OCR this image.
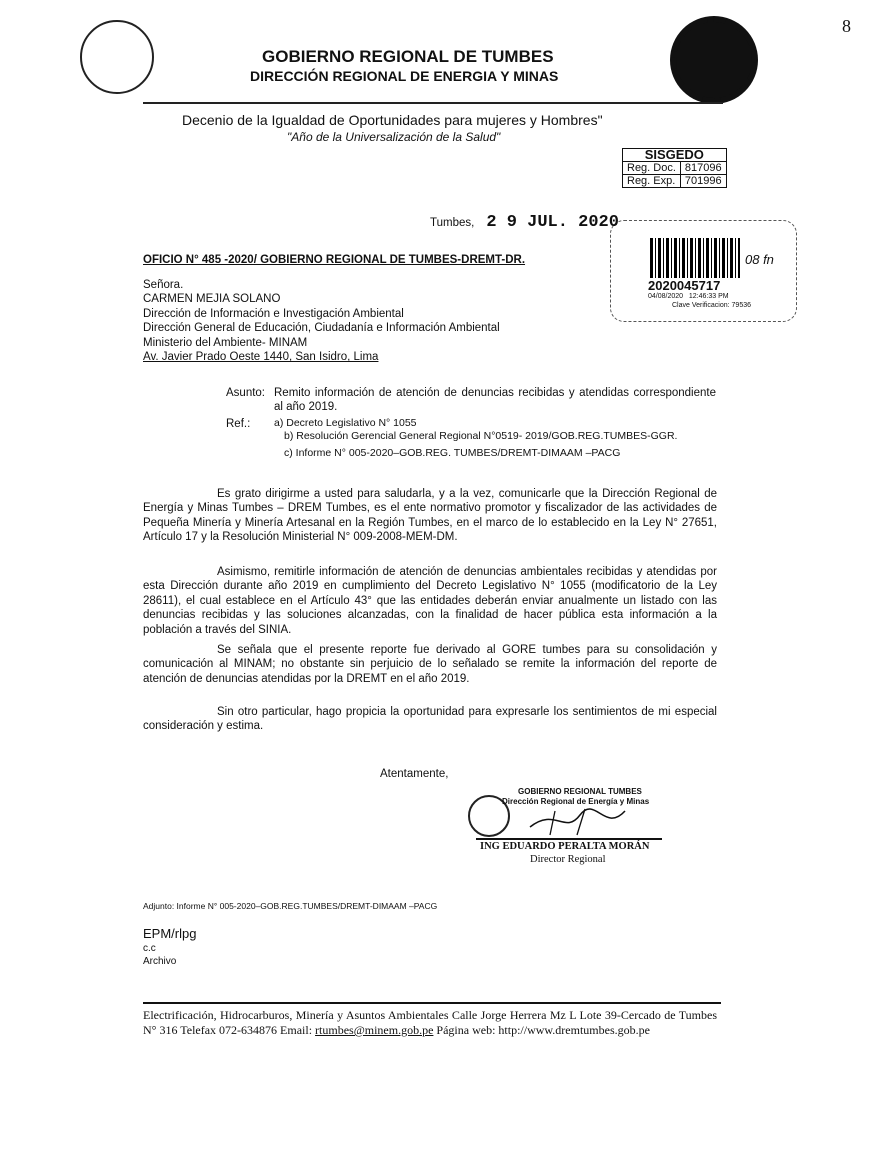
8
GOBIERNO REGIONAL DE TUMBES
DIRECCIÓN REGIONAL DE ENERGIA Y MINAS
Decenio de la Igualdad de Oportunidades para mujeres y Hombres"
"Año de la Universalización de la Salud"
SISGEDO	
Reg. Doc.	817096
Reg. Exp.	701996
08 fn
2020045717
04/08/2020 12:46:33 PM
Clave Verificacion: 79536
Tumbes, 2 9 JUL. 2020
OFICIO N° 485 -2020/ GOBIERNO REGIONAL DE TUMBES-DREMT-DR.
Señora.
CARMEN MEJIA SOLANO
Dirección de Información e Investigación Ambiental
Dirección General de Educación, Ciudadanía e Información Ambiental
Ministerio del Ambiente- MINAM
Av. Javier Prado Oeste 1440, San Isidro, Lima
Asunto: Remito información de atención de denuncias recibidas y atendidas correspondiente al año 2019.
Ref.:	a) Decreto Legislativo N° 1055
b) Resolución Gerencial General Regional N°0519- 2019/GOB.REG.TUMBES-GGR.
c) Informe N° 005-2020–GOB.REG. TUMBES/DREMT-DIMAAM –PACG
Es grato dirigirme a usted para saludarla, y a la vez, comunicarle que la Dirección Regional de Energía y Minas Tumbes – DREM Tumbes, es el ente normativo promotor y fiscalizador de las actividades de Pequeña Minería y Minería Artesanal en la Región Tumbes, en el marco de lo establecido en la Ley N° 27651, Artículo 17 y la Resolución Ministerial N° 009-2008-MEM-DM.
Asimismo, remitirle información de atención de denuncias ambientales recibidas y atendidas por esta Dirección durante año 2019 en cumplimiento del Decreto Legislativo N° 1055 (modificatorio de la Ley 28611), el cual establece en el Artículo 43° que las entidades deberán enviar anualmente un listado con las denuncias recibidas y las soluciones alcanzadas, con la finalidad de hacer pública esta información a la población a través del SINIA.
Se señala que el presente reporte fue derivado al GORE tumbes para su consolidación y comunicación al MINAM; no obstante sin perjuicio de lo señalado se remite la información del reporte de atención de denuncias atendidas por la DREMT en el año 2019.
Sin otro particular, hago propicia la oportunidad para expresarle los sentimientos de mi especial consideración y estima.
Atentamente,
GOBIERNO REGIONAL TUMBES
Dirección Regional de Energía y Minas
ING EDUARDO PERALTA MORÁN
Director Regional
Adjunto: Informe N° 005-2020–GOB.REG.TUMBES/DREMT-DIMAAM –PACG
EPM/rlpg
c.c
Archivo
Electrificación, Hidrocarburos, Minería y Asuntos Ambientales Calle Jorge Herrera Mz L Lote 39-Cercado de Tumbes N° 316 Telefax 072-634876 Email: rtumbes@minem.gob.pe Página web: http://www.dremtumbes.gob.pe
